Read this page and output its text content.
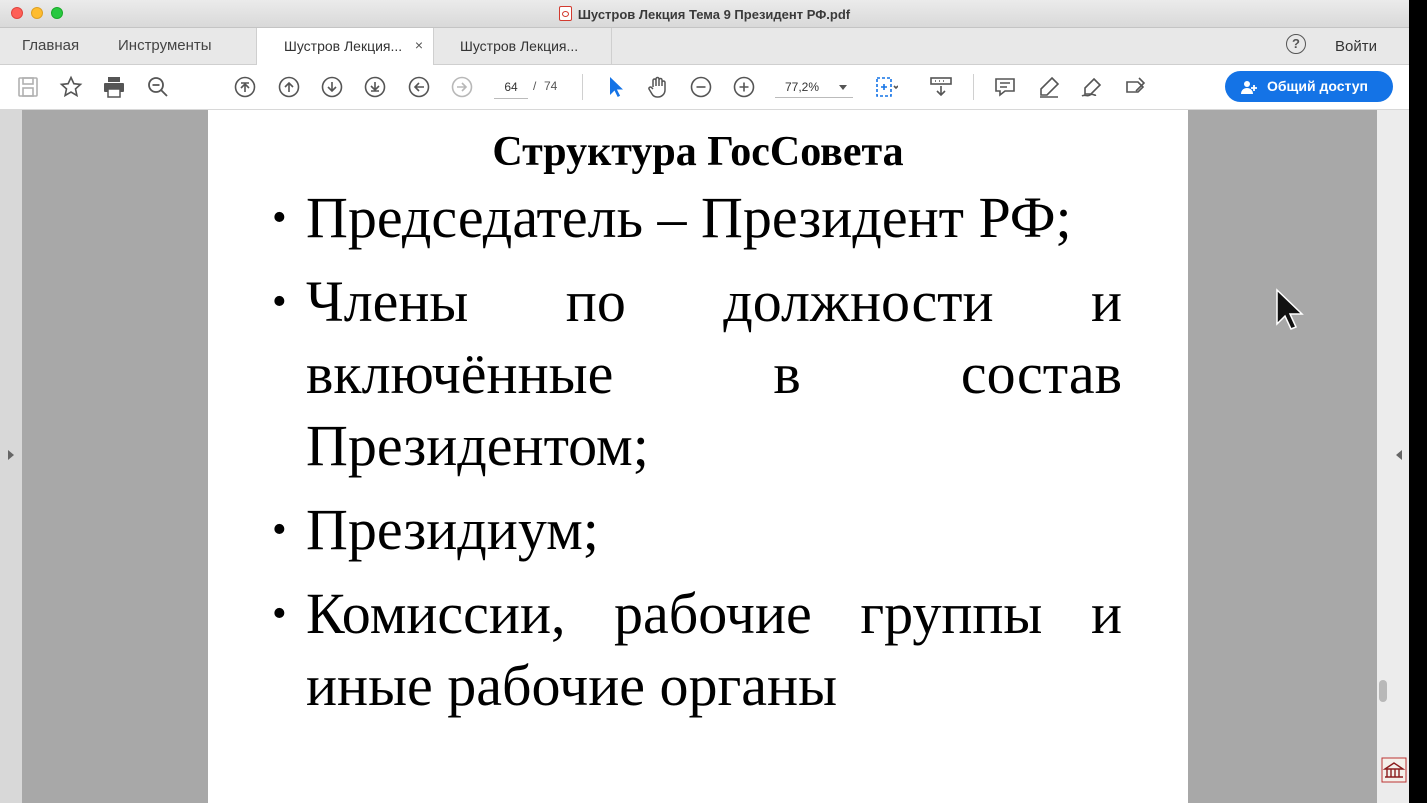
Шустров Лекция Тема 9 Президент РФ.pdf
Главная	Инструменты	Шустров Лекция... ×	Шустров Лекция...	?	Войти
64	/ 74	77,2%	Общий доступ
Структура ГосСовета
• Председатель – Президент РФ;
• Члены по должности и включённые в состав Президентом;
• Президиум;
• Комиссии, рабочие группы и иные рабочие органы
